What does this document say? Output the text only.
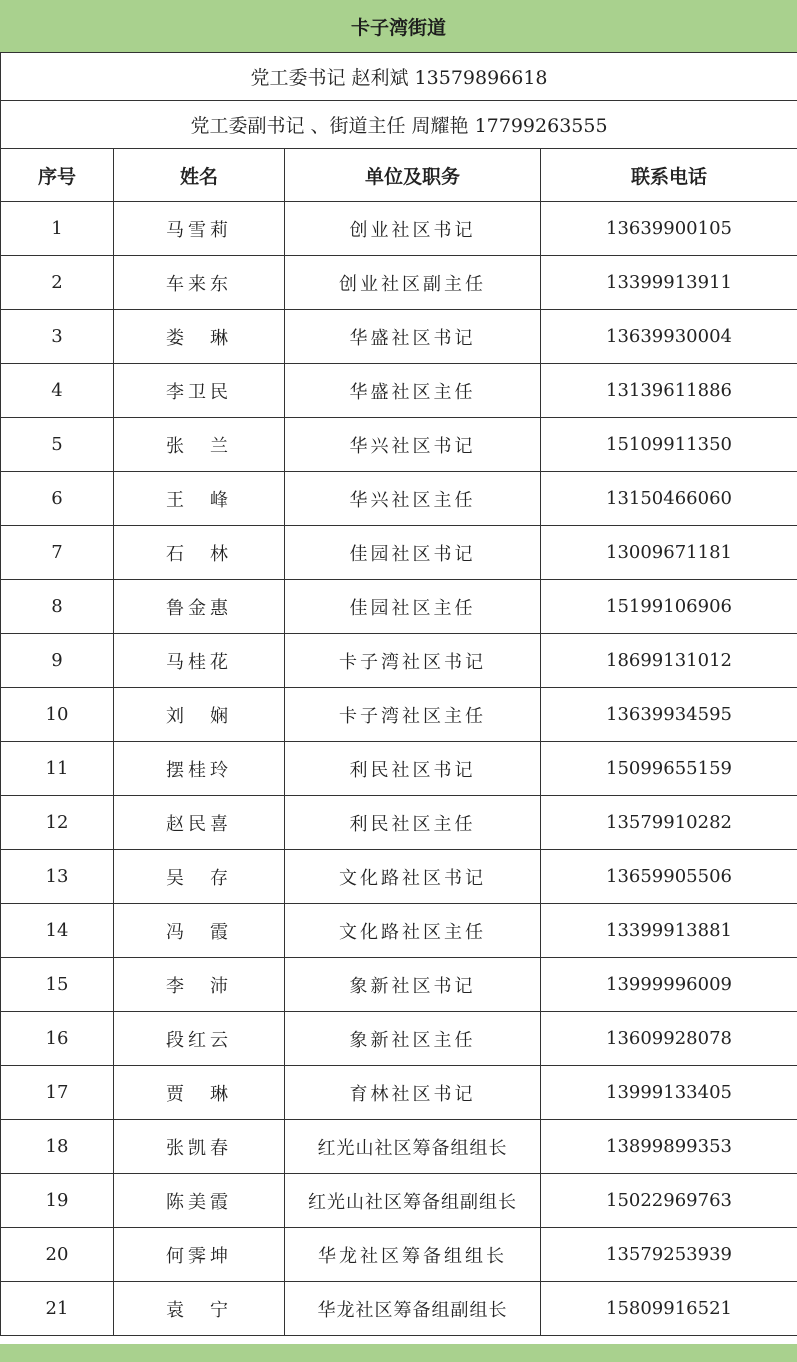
卡子湾街道
党工委书记 赵利斌 13579896618			
党工委副书记 、街道主任 周耀艳 17799263555			
序号	姓名	单位及职务	联系电话
1	马雪莉	创业社区书记	13639900105
2	车来东	创业社区副主任	13399913911
3	娄　琳	华盛社区书记	13639930004
4	李卫民	华盛社区主任	13139611886
5	张　兰	华兴社区书记	15109911350
6	王　峰	华兴社区主任	13150466060
7	石　林	佳园社区书记	13009671181
8	鲁金惠	佳园社区主任	15199106906
9	马桂花	卡子湾社区书记	18699131012
10	刘　娴	卡子湾社区主任	13639934595
11	摆桂玲	利民社区书记	15099655159
12	赵民喜	利民社区主任	13579910282
13	吴　存	文化路社区书记	13659905506
14	冯　霞	文化路社区主任	13399913881
15	李　沛	象新社区书记	13999996009
16	段红云	象新社区主任	13609928078
17	贾　琳	育林社区书记	13999133405
18	张凯春	红光山社区筹备组组长	13899899353
19	陈美霞	红光山社区筹备组副组长	15022969763
20	何霁坤	华龙社区筹备组组长	13579253939
21	袁　宁	华龙社区筹备组副组长	15809916521
